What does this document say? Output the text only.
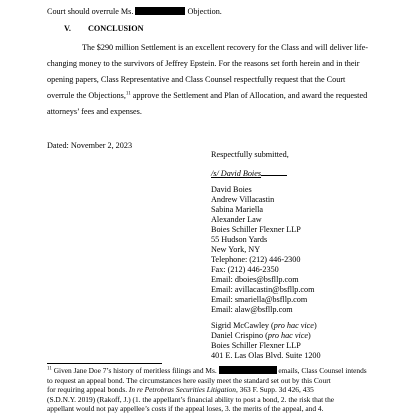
Court should overrule Ms.	Objection.
V. CONCLUSION
The $290 million Settlement is an excellent recovery for the Class and will deliver life-
changing money to the survivors of Jeffrey Epstein. For the reasons set forth herein and in their
opening papers, Class Representative and Class Counsel respectfully request that the Court
overrule the Objections,$^{11}$ approve the Settlement and Plan of Allocation, and award the requested
attorneys’ fees and expenses.
Dated: November 2, 2023
Respectfully submitted,
/s/ David Boies
David Boies
Andrew Villacastin
Sabina Mariella
Alexander Law
Boies Schiller Flexner LLP
55 Hudson Yards
New York, NY
Telephone: (212) 446-2300
Fax: (212) 446-2350
Email: dboies@bsfllp.com
Email: avillacastin@bsfllp.com
Email: smariella@bsfllp.com
Email: alaw@bsfllp.com
Sigrid McCawley (pro hac vice)
Daniel Crispino (pro hac vice)
Boies Schiller Flexner LLP
401 E. Las Olas Blvd. Suite 1200
$^{11}$ Given Jane Doe 7’s history of meritless filings and Ms.	emails, Class Counsel intends
to request an appeal bond. The circumstances here easily meet the standard set out by this Court
for requiring appeal bonds. In re Petrobras Securities Litigation, 363 F. Supp. 3d 426, 435
(S.D.N.Y. 2019) (Rakoff, J.) (1. the appellant’s financial ability to post a bond, 2. the risk that the
appellant would not pay appellee’s costs if the appeal loses, 3. the merits of the appeal, and 4.
